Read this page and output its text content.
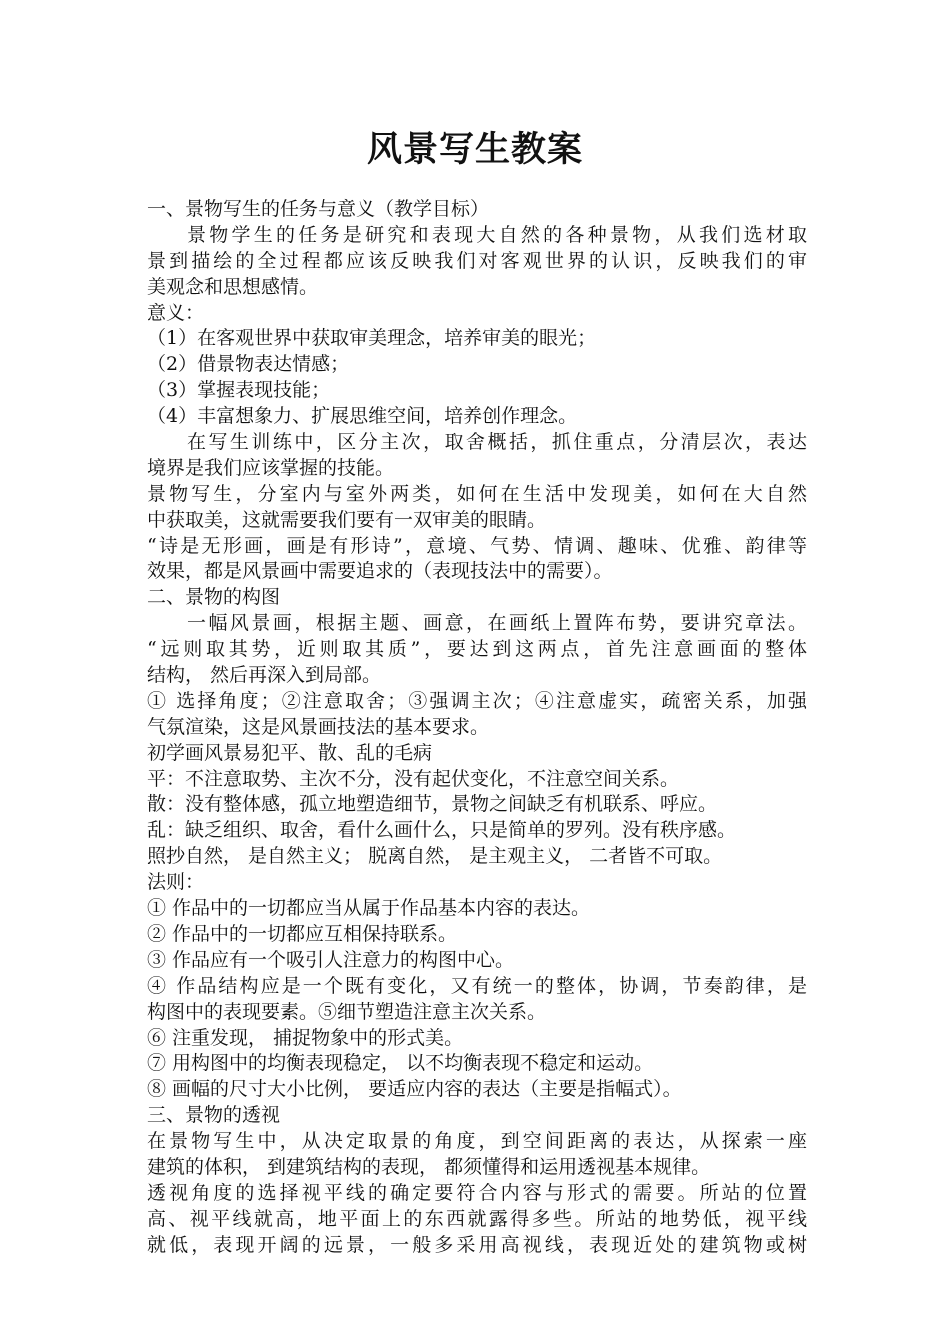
风景写生教案
一、景物写生的任务与意义（教学目标）
景物学生的任务是研究和表现大自然的各种景物，从我们选材取
景到描绘的全过程都应该反映我们对客观世界的认识，反映我们的审
美观念和思想感情。
意义：
（1）在客观世界中获取审美理念，培养审美的眼光；
（2）借景物表达情感；
（3）掌握表现技能；
（4）丰富想象力、扩展思维空间，培养创作理念。
在写生训练中，区分主次，取舍概括，抓住重点，分清层次，表达
境界是我们应该掌握的技能。
景物写生，分室内与室外两类，如何在生活中发现美，如何在大自然
中获取美，这就需要我们要有一双审美的眼睛。
“诗是无形画，画是有形诗”，意境、气势、情调、趣味、优雅、韵律等
效果，都是风景画中需要追求的（表现技法中的需要）。
二、景物的构图
一幅风景画，根据主题、画意，在画纸上置阵布势，要讲究章法。
“远则取其势，近则取其质”，要达到这两点，首先注意画面的整体
结构， 然后再深入到局部。
① 选择角度；②注意取舍；③强调主次；④注意虚实，疏密关系，加强
气氛渲染，这是风景画技法的基本要求。
初学画风景易犯平、散、乱的毛病
平：不注意取势、主次不分，没有起伏变化，不注意空间关系。
散：没有整体感，孤立地塑造细节，景物之间缺乏有机联系、呼应。
乱：缺乏组织、取舍，看什么画什么，只是简单的罗列。没有秩序感。
照抄自然， 是自然主义； 脱离自然， 是主观主义， 二者皆不可取。
法则：
① 作品中的一切都应当从属于作品基本内容的表达。
② 作品中的一切都应互相保持联系。
③ 作品应有一个吸引人注意力的构图中心。
④ 作品结构应是一个既有变化，又有统一的整体，协调，节奏韵律，是
构图中的表现要素。⑤细节塑造注意主次关系。
⑥ 注重发现， 捕捉物象中的形式美。
⑦ 用构图中的均衡表现稳定， 以不均衡表现不稳定和运动。
⑧ 画幅的尺寸大小比例， 要适应内容的表达（主要是指幅式）。
三、景物的透视
在景物写生中，从决定取景的角度，到空间距离的表达，从探索一座
建筑的体积， 到建筑结构的表现， 都须懂得和运用透视基本规律。
透视角度的选择视平线的确定要符合内容与形式的需要。所站的位置
高、视平线就高，地平面上的东西就露得多些。所站的地势低，视平线
就低，表现开阔的远景，一般多采用高视线，表现近处的建筑物或树
